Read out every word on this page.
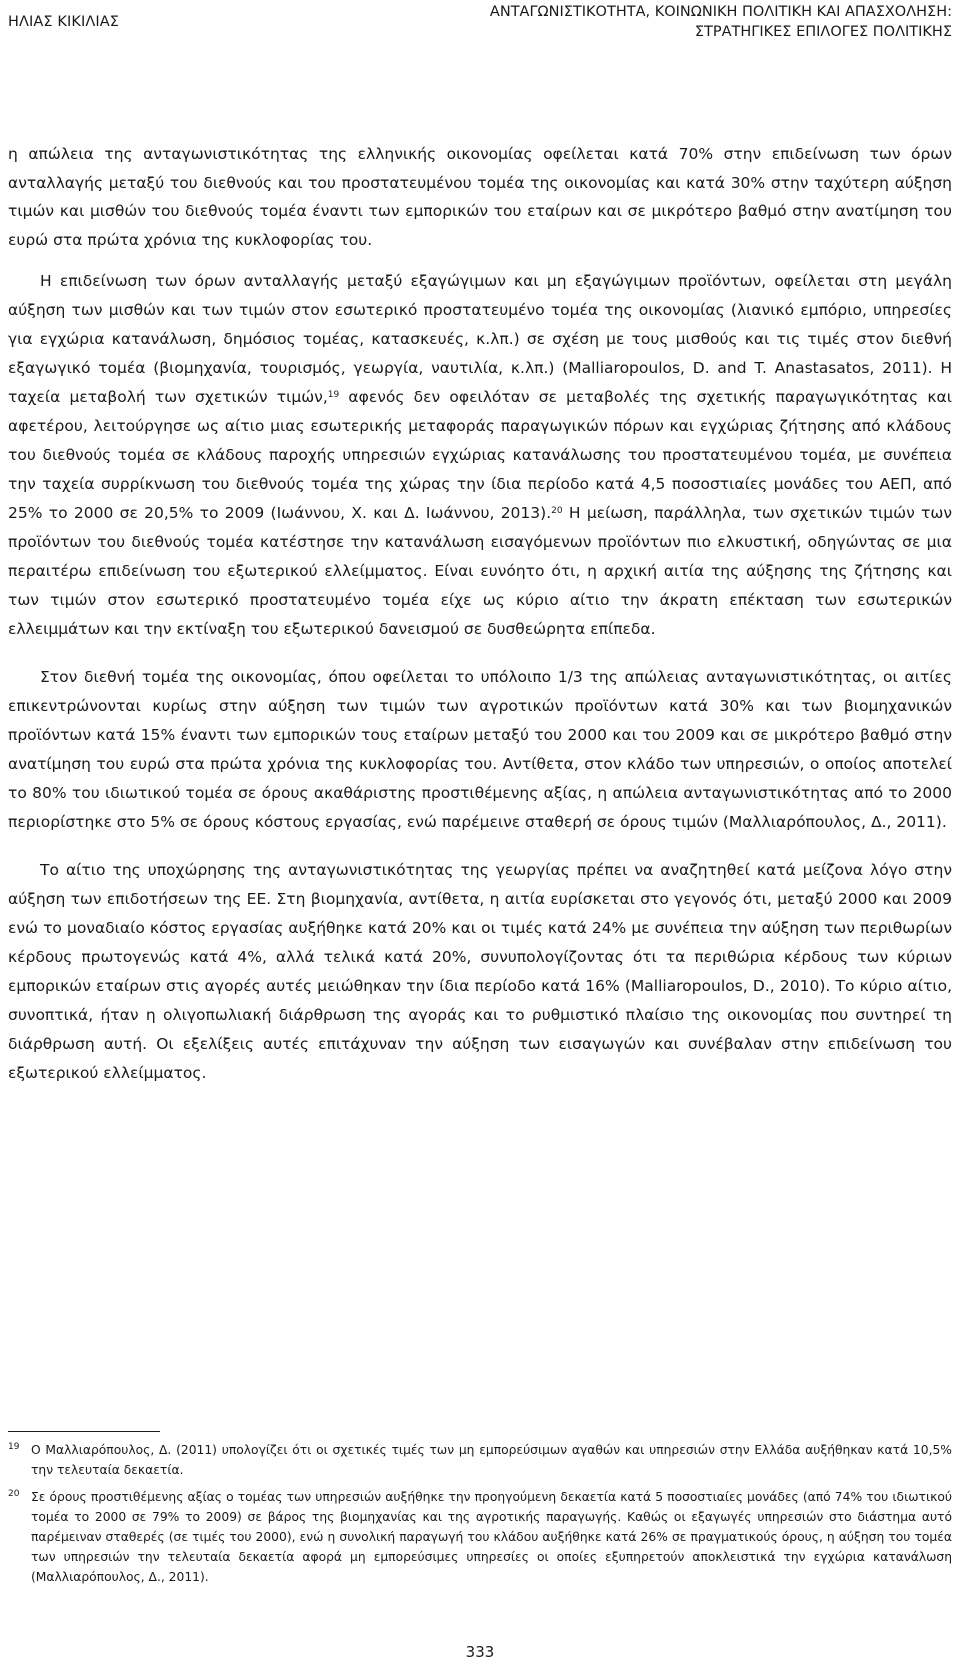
ΗΛΙΑΣ ΚΙΚΙΛΙΑΣ
ΑΝΤΑΓΩΝΙΣΤΙΚΟΤΗΤΑ, ΚΟΙΝΩΝΙΚΗ ΠΟΛΙΤΙΚΗ ΚΑΙ ΑΠΑΣΧΟΛΗΣΗ:
ΣΤΡΑΤΗΓΙΚΕΣ ΕΠΙΛΟΓΕΣ ΠΟΛΙΤΙΚΗΣ

η απώλεια της ανταγωνιστικότητας της ελληνικής οικονομίας οφείλεται κατά 70% στην επιδείνωση των όρων ανταλλαγής μεταξύ του διεθνούς και του προστατευμένου τομέα της οικονομίας και κατά 30% στην ταχύτερη αύξηση τιμών και μισθών του διεθνούς τομέα έναντι των εμπορικών του εταίρων και σε μικρότερο βαθμό στην ανατίμηση του ευρώ στα πρώτα χρόνια της κυκλοφορίας του.

Η επιδείνωση των όρων ανταλλαγής μεταξύ εξαγώγιμων και μη εξαγώγιμων προϊόντων, οφείλεται στη μεγάλη αύξηση των μισθών και των τιμών στον εσωτερικό προστατευμένο τομέα της οικονομίας (λιανικό εμπόριο, υπηρεσίες για εγχώρια κατανάλωση, δημόσιος τομέας, κατασκευές, κ.λπ.) σε σχέση με τους μισθούς και τις τιμές στον διεθνή εξαγωγικό τομέα (βιομηχανία, τουρισμός, γεωργία, ναυτιλία, κ.λπ.) (Malliaropoulos, D. and T. Anastasatos, 2011). Η ταχεία μεταβολή των σχετικών τιμών,$^{19}$ αφενός δεν οφειλόταν σε μεταβολές της σχετικής παραγωγικότητας και αφετέρου, λειτούργησε ως αίτιο μιας εσωτερικής μεταφοράς παραγωγικών πόρων και εγχώριας ζήτησης από κλάδους του διεθνούς τομέα σε κλάδους παροχής υπηρεσιών εγχώριας κατανάλωσης του προστατευμένου τομέα, με συνέπεια την ταχεία συρρίκνωση του διεθνούς τομέα της χώρας την ίδια περίοδο κατά 4,5 ποσοστιαίες μονάδες του ΑΕΠ, από 25% το 2000 σε 20,5% το 2009 (Ιωάννου, Χ. και Δ. Ιωάννου, 2013).$^{20}$ Η μείωση, παράλληλα, των σχετικών τιμών των προϊόντων του διεθνούς τομέα κατέστησε την κατανάλωση εισαγόμενων προϊόντων πιο ελκυστική, οδηγώντας σε μια περαιτέρω επιδείνωση του εξωτερικού ελλείμματος. Είναι ευνόητο ότι, η αρχική αιτία της αύξησης της ζήτησης και των τιμών στον εσωτερικό προστατευμένο τομέα είχε ως κύριο αίτιο την άκρατη επέκταση των εσωτερικών ελλειμμάτων και την εκτίναξη του εξωτερικού δανεισμού σε δυσθεώρητα επίπεδα.

Στον διεθνή τομέα της οικονομίας, όπου οφείλεται το υπόλοιπο 1/3 της απώλειας ανταγωνιστικότητας, οι αιτίες επικεντρώνονται κυρίως στην αύξηση των τιμών των αγροτικών προϊόντων κατά 30% και των βιομηχανικών προϊόντων κατά 15% έναντι των εμπορικών τους εταίρων μεταξύ του 2000 και του 2009 και σε μικρότερο βαθμό στην ανατίμηση του ευρώ στα πρώτα χρόνια της κυκλοφορίας του. Αντίθετα, στον κλάδο των υπηρεσιών, ο οποίος αποτελεί το 80% του ιδιωτικού τομέα σε όρους ακαθάριστης προστιθέμενης αξίας, η απώλεια ανταγωνιστικότητας από το 2000 περιορίστηκε στο 5% σε όρους κόστους εργασίας, ενώ παρέμεινε σταθερή σε όρους τιμών (Μαλλιαρόπουλος, Δ., 2011).

Το αίτιο της υποχώρησης της ανταγωνιστικότητας της γεωργίας πρέπει να αναζητηθεί κατά μείζονα λόγο στην αύξηση των επιδοτήσεων της ΕΕ. Στη βιομηχανία, αντίθετα, η αιτία ευρίσκεται στο γεγονός ότι, μεταξύ 2000 και 2009 ενώ το μοναδιαίο κόστος εργασίας αυξήθηκε κατά 20% και οι τιμές κατά 24% με συνέπεια την αύξηση των περιθωρίων κέρδους πρωτογενώς κατά 4%, αλλά τελικά κατά 20%, συνυπολογίζοντας ότι τα περιθώρια κέρδους των κύριων εμπορικών εταίρων στις αγορές αυτές μειώθηκαν την ίδια περίοδο κατά 16% (Malliaropoulos, D., 2010). Το κύριο αίτιο, συνοπτικά, ήταν η ολιγοπωλιακή διάρθρωση της αγοράς και το ρυθμιστικό πλαίσιο της οικονομίας που συντηρεί τη διάρθρωση αυτή. Οι εξελίξεις αυτές επιτάχυναν την αύξηση των εισαγωγών και συνέβαλαν στην επιδείνωση του εξωτερικού ελλείμματος.

19 Ο Μαλλιαρόπουλος, Δ. (2011) υπολογίζει ότι οι σχετικές τιμές των μη εμπορεύσιμων αγαθών και υπηρεσιών στην Ελλάδα αυξήθηκαν κατά 10,5% την τελευταία δεκαετία.
20 Σε όρους προστιθέμενης αξίας ο τομέας των υπηρεσιών αυξήθηκε την προηγούμενη δεκαετία κατά 5 ποσοστιαίες μονάδες (από 74% του ιδιωτικού τομέα το 2000 σε 79% το 2009) σε βάρος της βιομηχανίας και της αγροτικής παραγωγής. Καθώς οι εξαγωγές υπηρεσιών στο διάστημα αυτό παρέμειναν σταθερές (σε τιμές του 2000), ενώ η συνολική παραγωγή του κλάδου αυξήθηκε κατά 26% σε πραγματικούς όρους, η αύξηση του τομέα των υπηρεσιών την τελευταία δεκαετία αφορά μη εμπορεύσιμες υπηρεσίες οι οποίες εξυπηρετούν αποκλειστικά την εγχώρια κατανάλωση (Μαλλιαρόπουλος, Δ., 2011).
333
